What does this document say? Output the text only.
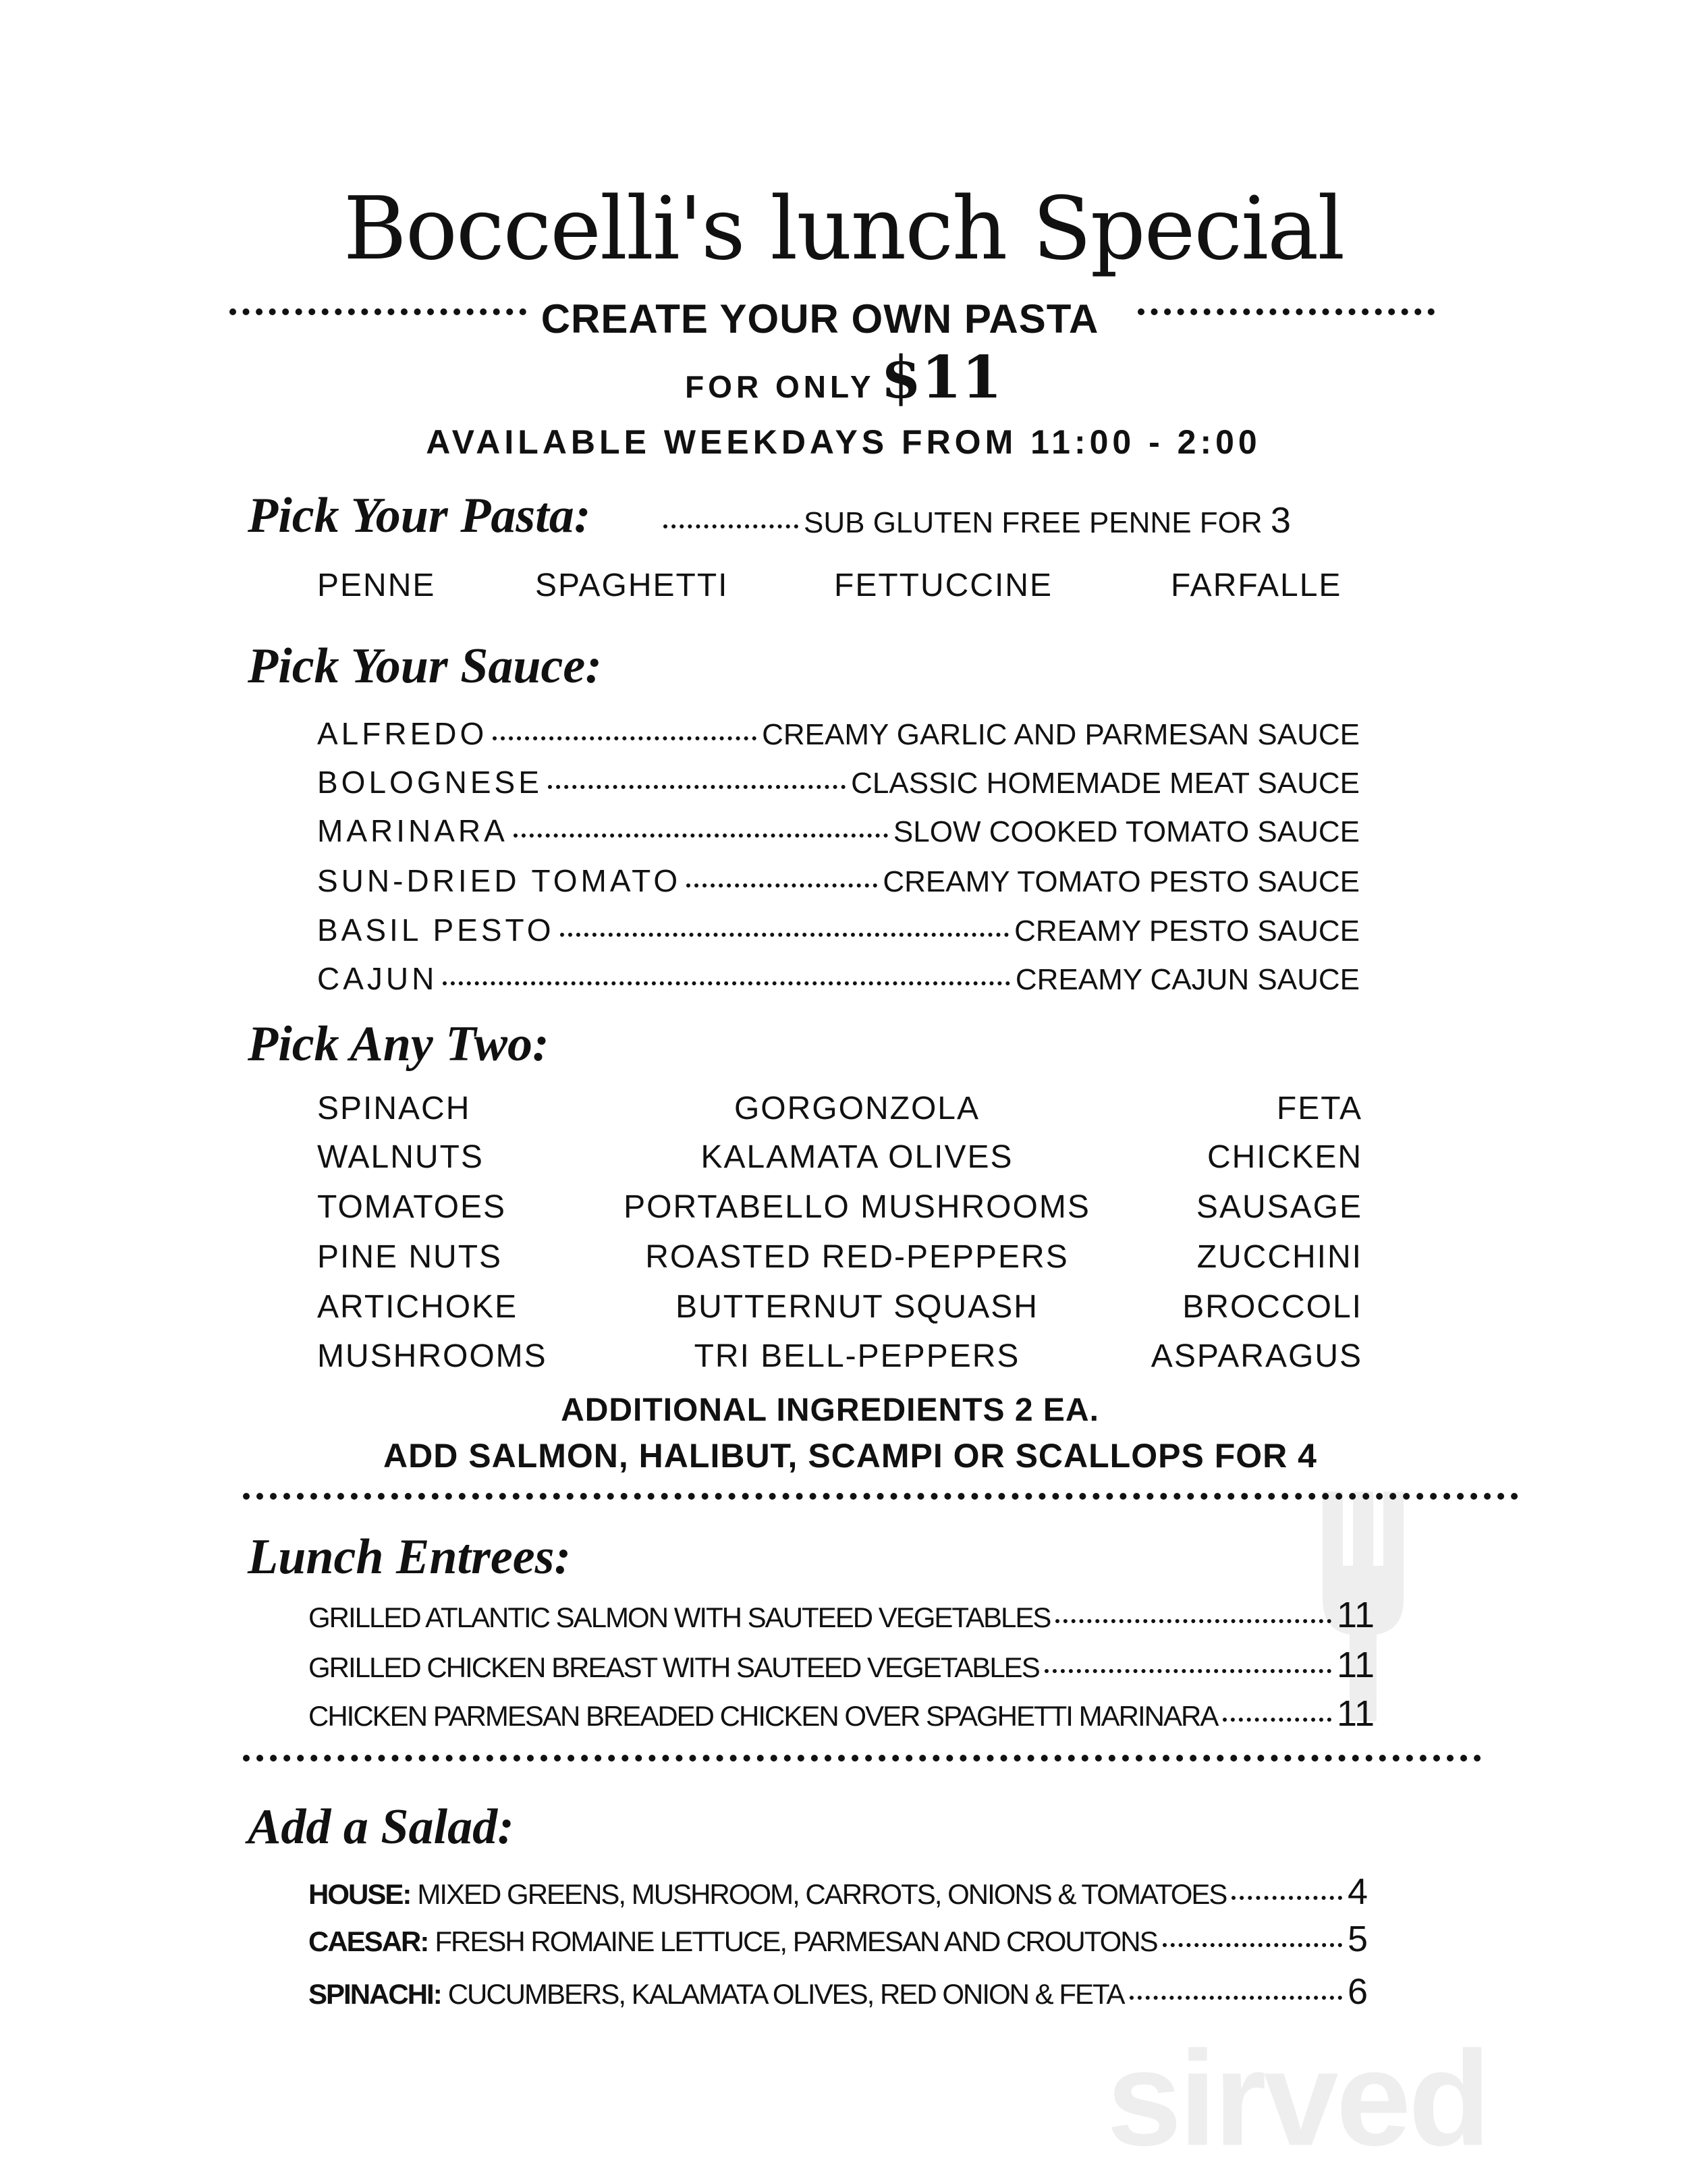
sirved
Boccelli's lunch Special
CREATE YOUR OWN PASTA
FOR ONLY $11
AVAILABLE WEEKDAYS FROM 11:00 - 2:00
Pick Your Pasta:	SUB GLUTEN FREE PENNE FOR
3
PENNE	SPAGHETTI	FETTUCCINE	FARFALLE
Pick Your Sauce:
ALFREDO	CREAMY GARLIC AND PARMESAN SAUCE
BOLOGNESE	CLASSIC HOMEMADE MEAT SAUCE
MARINARA	SLOW COOKED TOMATO SAUCE
SUN-DRIED TOMATO	CREAMY TOMATO PESTO SAUCE
BASIL PESTO	CREAMY PESTO SAUCE
CAJUN	CREAMY CAJUN SAUCE
Pick Any Two:
SPINACH	GORGONZOLA	FETA
WALNUTS	KALAMATA OLIVES	CHICKEN
TOMATOES	PORTABELLO MUSHROOMS	SAUSAGE
PINE NUTS	ROASTED RED-PEPPERS	ZUCCHINI
ARTICHOKE	BUTTERNUT SQUASH	BROCCOLI
MUSHROOMS	TRI BELL-PEPPERS	ASPARAGUS
ADDITIONAL INGREDIENTS 2 EA.
ADD SALMON, HALIBUT, SCAMPI OR SCALLOPS FOR 4
Lunch Entrees:
GRILLED ATLANTIC SALMON WITH SAUTEED VEGETABLES	11
GRILLED CHICKEN BREAST WITH SAUTEED VEGETABLES	11
CHICKEN PARMESAN BREADED CHICKEN OVER SPAGHETTI MARINARA	11
Add a Salad:
HOUSE: MIXED GREENS, MUSHROOM, CARROTS, ONIONS & TOMATOES	4
CAESAR: FRESH ROMAINE LETTUCE, PARMESAN AND CROUTONS	5
SPINACHI: CUCUMBERS, KALAMATA OLIVES, RED ONION & FETA	6
